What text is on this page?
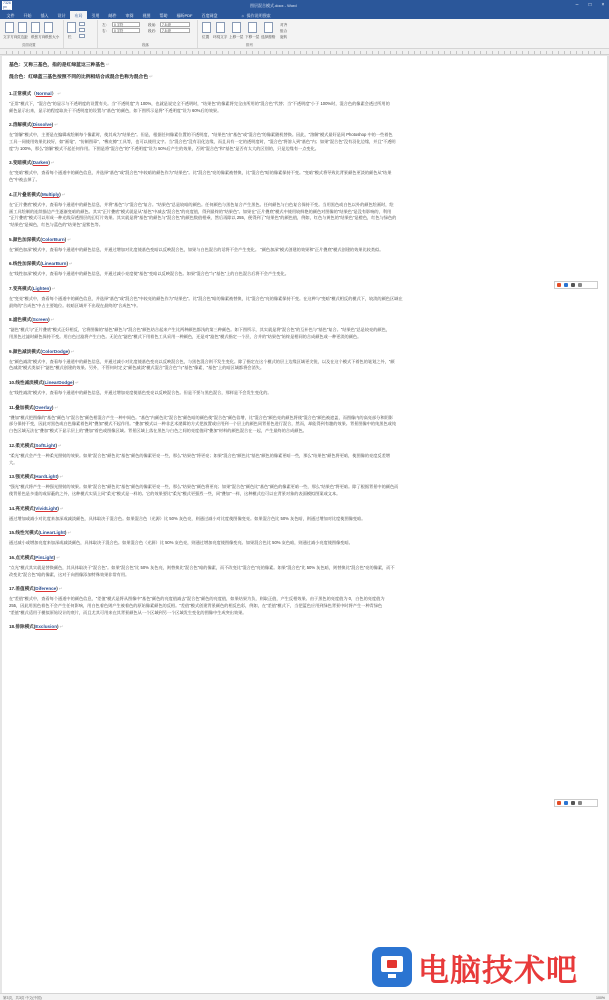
7326 px	图层混合模式.docx - Word	–	□	×
文件	开始	插入	设计	布局	引用	邮件	审阅	视图	帮助	福昕PDF	百度网盘	☼ 操作说明搜索
文字方向 页边距 纸张方向 纸张大小
页面设置
栏
左:	0 字符
右:	0 字符
段前:	7.5 磅
段后:	7.5 磅
段落
位置 环绕文字 上移一层 下移一层 选择窗格
对齐
组合
旋转
排列
基色：又称三基色，指的是红绿蓝这三种基色↵
混合色：红绿蓝三基色按照不同的比例相结合成混合色称为混合色↵
1.正常模式（Normal）↵
"正常"模式下，"混合色"的显示与不透明度的设置有关。当"不透明度"为 100%，也就是说完全不透明时，"结果色"的像素将完全由所用的"混合色"代替；当"不透明度"小于 100%时，混合色的像素会透过所用的
颜色显示出来，显示的程度取决于不透明度的设置与"基色"的颜色，如下图所示是将"不透明度"设为 60%后的效果。
2.溶解模式(Dissolve)↵
在"溶解"模式中，主要是在编辑或绘制每个像素时，使其成为"结果色"。但是，根据任何像素位置的不透明度，"结果色"由"基色"或"混合色"的像素随机替换。因此，"溶解"模式最好是同 Photoshop 中的一些着色
工具一同使用效果比较好，如"画笔"、"仿制图章"、"橡皮擦"工具等，也可以使用文字。当"混合色"没有羽化边缘，而且具有一定的透明度时，"混合色"将溶入到"基色"内；如果"混合色"没有羽化边缘，并且"不透明
度"为 100%，那么"溶解"模式不起任何作用。下图是将"混合色"的"不透明度"设为 50%后产生的效果，否则"混合色"和"基色"是否有太大的区别的，只是边缘有一点变化。
3.变暗模式(Darken)↵
在"变暗"模式中，查看每个通道中的颜色信息，并选择"基色"或"混合色"中较暗的颜色作为"结果色"。比"混合色"亮的像素被替换，比"混合色"暗的像素保持不变。"变暗"模式将导致比背景颜色更淡的颜色从"结果
色"中被去掉了。
4.正片叠底模式(Multiply)↵
在"正片叠底"模式中，查看每个通道中的颜色信息，并将"基色"与"混合色"复合。"结果色"总是较暗的颜色。任何颜色与黑色复合产生黑色。任何颜色与白色复合保持不变。当用黑色或白色以外的颜色绘画时，绘
画工具绘制的连续描边产生逐渐变暗的颜色。其实"正片叠底"模式就是从"基色"中减去"混合色"的亮度值，得到最终的"结果色"。如果在"正片叠底"模式中使用较鲜艳的颜色对图像的"结果色"是没有影响的，利用
"正片叠底"模式可以形成一种光线穿透图层的幻灯片效果。其实就是将"基色"的颜色与"混合色"的颜色数值相乘，然后再除以 255，便得到了"结果色"的颜色值，例如，红色与黄色的"结果色"是橙色，红色与绿色的
"结果色"是褐色，红色与蓝色的"结果色"是紫色等。
5.颜色加深模式(ColorBurn)↵
在"颜色加深"模式中，查看每个通道中的颜色信息，并通过增加对比度使基色变暗以反映混合色，如果与白色混合的话将不会产生变化。 "颜色加深"模式创建的效果和"正片叠底"模式创建的效果比较类似。
6.线性加深模式(LinearBurn)↵
在"线性加深"模式中，查看每个通道中的颜色信息，并通过减小亮度使"基色"变暗以反映混合色。如果"混合色"与"基色"上的白色混合后将不会产生变化。
7.变亮模式(Lighten)↵
在"变亮"模式中，查看每个通道中的颜色信息，并选择"基色"或"混合色"中较亮的颜色作为"结果色"。比"混合色"暗的像素被替换，比"混合色"亮的像素保持不变。在这种与"变暗"模式相反的模式下，较淡的颜色区域在
最终的"合成色"中占主要地位。较暗区域并不出现在最终的"合成色"中。
8.滤色模式(Screen)↵
"滤色"模式与"正片叠底"模式正好相反，它将图像的"基色"颜色与"混合色"颜色结合起来产生比两种颜色都浅的第三种颜色。如下图所示，其实就是将"混合色"的互补色与"基色"复合。"结果色"总是较亮的颜色，
用黑色过滤时颜色保持不变。用白色过滤将产生白色。无论在"滤色"模式下用着色工具采用一种颜色，还是对"滤色"模式指定一个层，合并的"结果色"始终是相同的合成颜色或一种更淡的颜色。
9.颜色减淡模式(ColorDodge)↵
在"颜色减淡"模式中，查看每个通道中的颜色信息，并通过减小对比度使基色变亮以反映混合色，与黑色混合则不发生变化。除了指定在这个模式的层上边缘区域更尖锐，以及在这个模式下着色的笔划之外，"颜
色减淡"模式类似于"滤色"模式创建的效果。另外，不管何时定义"颜色减淡"模式混合"混合色"与"基色"像素，"基色"上的暗区域都将会消失。
10.线性减淡模式(LinearDodge)↵
在"线性减淡"模式中，查看每个通道中的颜色信息，并通过增加亮度使基色变亮以反映混合色。但是不要与黑色混合，那样是不会发生变化的。
11.叠加模式(Overlay)↵
"叠加"模式把图像的"基色"颜色与"混合色"颜色相混合产生一种中间色。"基色"内颜色比"混合色"颜色暗的颜色使"混合色"颜色倍增，比"混合色"颜色亮的颜色将使"混合色"颜色被遮盖，而图像内的高亮部分和阴影
部分保持不变，因此对黑色或白色像素着色时"叠加"模式不起作用。"叠加"模式以一种非艺术逻辑的方式把放置或应用到一个层上的颜色同背景色进行混合，然而，却能得到有趣的效果。背景图像中的纯黑色或纯
白色区域无法在"叠加"模式下显示层上的"叠加"着色或图像区域。背景区域上落在黑色与白色之间的亮度值同"叠加"材料的颜色混合在一起，产生最终的合成颜色。
12.柔光模式(SoftLight)↵
"柔光"模式会产生一种柔光照射的效果。如果"混合色"颜色比"基色"颜色的像素更亮一些，那么"结果色"将更亮；如果"混合色"颜色比"基色"颜色的像素更暗一些，那么"结果色"颜色将更暗，使图像的亮度反差增
大。
13.强光模式(HardLight)↵
"强光"模式将产生一种强光照射的效果。如果"混合色"颜色比"基色"颜色的像素更亮一些，那么"结果色"颜色将更亮；如果"混合色"颜色比"基色"颜色的像素更暗一些，那么"结果色"将更暗。除了根据背景中的颜色而
使背景色是多重的或屏蔽的之外，这种模式实质上同"柔光"模式是一样的。它的效果要比"柔光"模式更强烈一些，同"叠加"一样，这种模式也可以在背景对象的表面模拟图案或文本。
14.亮光模式(VividLight)↵
通过增加或减小对比度来加深或减淡颜色，具体取决于混合色。如果混合色（光源）比 50% 灰色亮，则通过减小对比度使图像变亮。如果混合色比 50% 灰色暗，则通过增加对比度使图像变暗。
15.线性光模式(LinearLight)↵
通过减小或增加亮度来加深或减淡颜色，具体取决于混合色。如果混合色（光源）比 50% 灰色亮，则通过增加亮度使图像变亮。如果混合色比 50% 灰色暗，则通过减小亮度使图像变暗。
16.点光模式(PinLight)↵
"点光"模式其实就是替换颜色，其具体取决于"混合色"。如果"混合色"比 50% 灰色亮，则替换比"混合色"暗的像素，而不改变比"混合色"亮的像素。如果"混合色"比 50% 灰色暗，则替换比"混合色"亮的像素，而不
改变比"混合色"暗的像素，这对于向图像添加特殊效果非常有用。
17.差值模式(Diference)↵
在"差值"模式中，查看每个通道中的颜色信息，"差值"模式是将从图像中"基色"颜色的亮度值减去"混合色"颜色的亮度值，如果结果为负，则取正值，产生反相效果。由于黑色的亮度值为 0，白色的亮度值为
255，因此用黑色着色不会产生任何影响，用白色着色则产生被着色的原始像素颜色的反相。"差值"模式创建背景颜色的相反色彩，例如，在"差值"模式下，当把蓝色应用到绿色背景中时将产生一种青绿色
"差值"模式适用于模拟原始设计的底片，而且尤其可用来在其背景颜色从一个区域到另一个区域发生变化的图像中生成突出效果。
18.排除模式(Exclusion)↵
电脑技术吧
第3页，共3页 中文(中国)	100%
